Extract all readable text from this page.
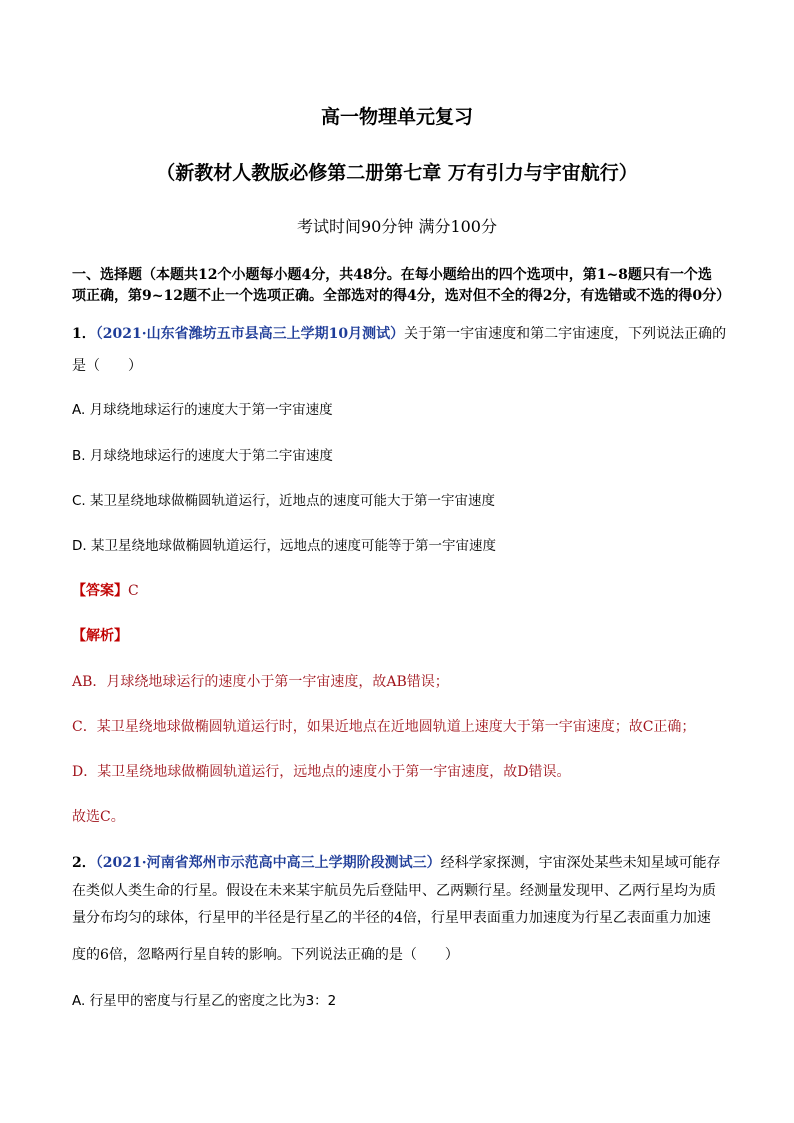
高一物理单元复习
（新教材人教版必修第二册第七章 万有引力与宇宙航行）
考试时间90分钟 满分100分
一、选择题（本题共12个小题每小题4分，共48分。在每小题给出的四个选项中，第1~8题只有一个选
项正确，第9~12题不止一个选项正确。全部选对的得4分，选对但不全的得2分，有选错或不选的得0分）
1．（2021·山东省潍坊五市县高三上学期10月测试）关于第一宇宙速度和第二宇宙速度，下列说法正确的
是（　　）
A. 月球绕地球运行的速度大于第一宇宙速度
B. 月球绕地球运行的速度大于第二宇宙速度
C. 某卫星绕地球做椭圆轨道运行，近地点的速度可能大于第一宇宙速度
D. 某卫星绕地球做椭圆轨道运行，远地点的速度可能等于第一宇宙速度
【答案】C
【解析】
AB．月球绕地球运行的速度小于第一宇宙速度，故AB错误；
C．某卫星绕地球做椭圆轨道运行时，如果近地点在近地圆轨道上速度大于第一宇宙速度；故C正确；
D．某卫星绕地球做椭圆轨道运行，远地点的速度小于第一宇宙速度，故D错误。
故选C。
2．（2021·河南省郑州市示范高中高三上学期阶段测试三）经科学家探测，宇宙深处某些未知星域可能存
在类似人类生命的行星。假设在未来某宇航员先后登陆甲、乙两颗行星。经测量发现甲、乙两行星均为质
量分布均匀的球体，行星甲的半径是行星乙的半径的4倍，行星甲表面重力加速度为行星乙表面重力加速
度的6倍，忽略两行星自转的影响。下列说法正确的是（　　）
A. 行星甲的密度与行星乙的密度之比为3：2
